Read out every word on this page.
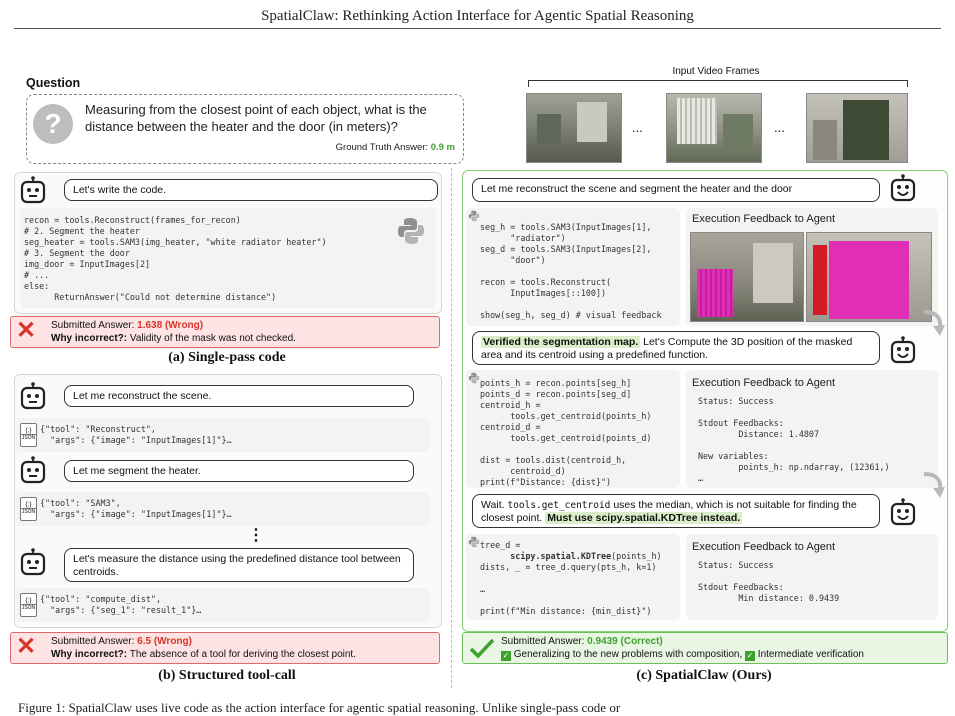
SpatialClaw: Rethinking Action Interface for Agentic Spatial Reasoning
Question
?	Measuring from the closest point of each object, what is the distance between the heater and the door (in meters)?
Ground Truth Answer: 0.9 m
Input Video Frames
...	...
Let's write the code.
recon = tools.Reconstruct(frames_for_recon)
# 2. Segment the heater
seg_heater = tools.SAM3(img_heater, "white radiator heater")
# 3. Segment the door
img_door = InputImages[2]
# ...
else:
ReturnAnswer("Could not determine distance")
✕ Submitted Answer: 1.638 (Wrong)
Why incorrect?: Validity of the mask was not checked.
(a) Single-pass code
Let me reconstruct the scene.
{;}
JSON
{"tool": "Reconstruct",
"args": {"image": "InputImages[1]"}…
Let me segment the heater.
{;}
JSON
{"tool": "SAM3",
"args": {"image": "InputImages[1]"}…
⋮
Let's measure the distance using the predefined distance tool between centroids.
{;}
JSON
{"tool": "compute_dist",
"args": {"seg_1": "result_1"}…
✕ Submitted Answer: 6.5 (Wrong)
Why incorrect?: The absence of a tool for deriving the closest point.
(b) Structured tool-call
Let me reconstruct the scene and segment the heater and the door
seg_h = tools.SAM3(InputImages[1],
"radiator")
seg_d = tools.SAM3(InputImages[2],
"door")

recon = tools.Reconstruct(
InputImages[::100])

show(seg_h, seg_d) # visual feedback
Execution Feedback to Agent
Verified the segmentation map. Let's Compute the 3D position of the masked area and its centroid using a predefined function.
points_h = recon.points[seg_h]
points_d = recon.points[seg_d]
centroid_h =
tools.get_centroid(points_h)
centroid_d =
tools.get_centroid(points_d)

dist = tools.dist(centroid_h,
centroid_d)
print(f"Distance: {dist}")
Execution Feedback to Agent
Status: Success

Stdout Feedbacks:
Distance: 1.4807

New variables:
points_h: np.ndarray, (12361,)
…
Wait. tools.get_centroid uses the median, which is not suitable for finding the closest point. Must use scipy.spatial.KDTree instead.
tree_d =
scipy.spatial.KDTree(points_h)
dists, _ = tree_d.query(pts_h, k=1)

…

print(f"Min distance: {min_dist}")
Execution Feedback to Agent
Status: Success

Stdout Feedbacks:
Min distance: 0.9439
Submitted Answer: 0.9439 (Correct)
✓ Generalizing to the new problems with composition, ✓ Intermediate verification
(c) SpatialClaw (Ours)
Figure 1: SpatialClaw uses live code as the action interface for agentic spatial reasoning. Unlike single-pass code or
